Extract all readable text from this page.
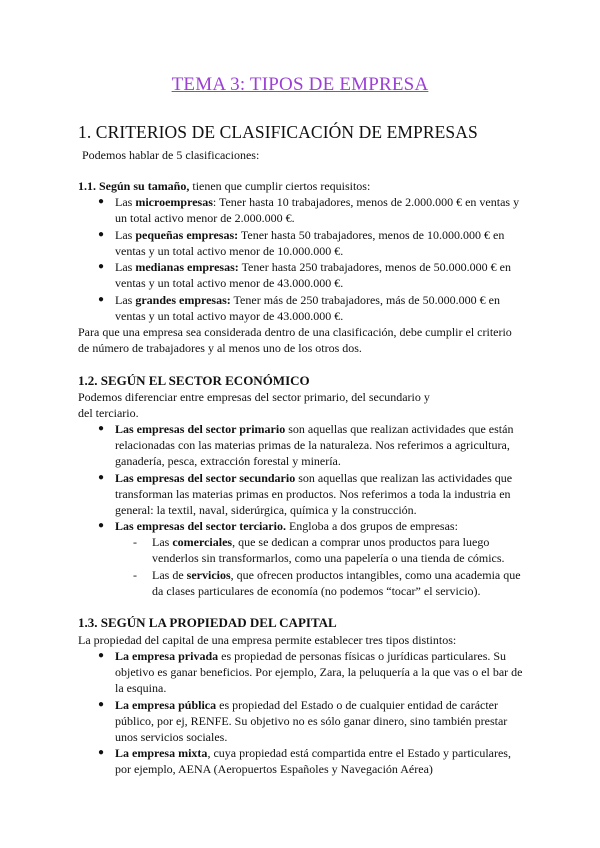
TEMA 3: TIPOS DE EMPRESA
1. CRITERIOS DE CLASIFICACIÓN DE EMPRESAS
Podemos hablar de 5 clasificaciones:
1.1. Según su tamaño, tienen que cumplir ciertos requisitos:
● Las microempresas: Tener hasta 10 trabajadores, menos de 2.000.000 € en ventas y
un total activo menor de 2.000.000 €.
● Las pequeñas empresas: Tener hasta 50 trabajadores, menos de 10.000.000 € en
ventas y un total activo menor de 10.000.000 €.
● Las medianas empresas: Tener hasta 250 trabajadores, menos de 50.000.000 € en
ventas y un total activo menor de 43.000.000 €.
● Las grandes empresas: Tener más de 250 trabajadores, más de 50.000.000 € en
ventas y un total activo mayor de 43.000.000 €.
Para que una empresa sea considerada dentro de una clasificación, debe cumplir el criterio
de número de trabajadores y al menos uno de los otros dos.
1.2. SEGÚN EL SECTOR ECONÓMICO
Podemos diferenciar entre empresas del sector primario, del secundario y
del terciario.
● Las empresas del sector primario son aquellas que realizan actividades que están
relacionadas con las materias primas de la naturaleza. Nos referimos a agricultura,
ganadería, pesca, extracción forestal y minería.
● Las empresas del sector secundario son aquellas que realizan las actividades que
transforman las materias primas en productos. Nos referimos a toda la industria en
general: la textil, naval, siderúrgica, química y la construcción.
● Las empresas del sector terciario. Engloba a dos grupos de empresas:
- Las comerciales, que se dedican a comprar unos productos para luego
venderlos sin transformarlos, como una papelería o una tienda de cómics.
- Las de servicios, que ofrecen productos intangibles, como una academia que
da clases particulares de economía (no podemos “tocar” el servicio).
1.3. SEGÚN LA PROPIEDAD DEL CAPITAL
La propiedad del capital de una empresa permite establecer tres tipos distintos:
● La empresa privada es propiedad de personas físicas o jurídicas particulares. Su
objetivo es ganar beneficios. Por ejemplo, Zara, la peluquería a la que vas o el bar de
la esquina.
● La empresa pública es propiedad del Estado o de cualquier entidad de carácter
público, por ej, RENFE. Su objetivo no es sólo ganar dinero, sino también prestar
unos servicios sociales.
● La empresa mixta, cuya propiedad está compartida entre el Estado y particulares,
por ejemplo, AENA (Aeropuertos Españoles y Navegación Aérea)
